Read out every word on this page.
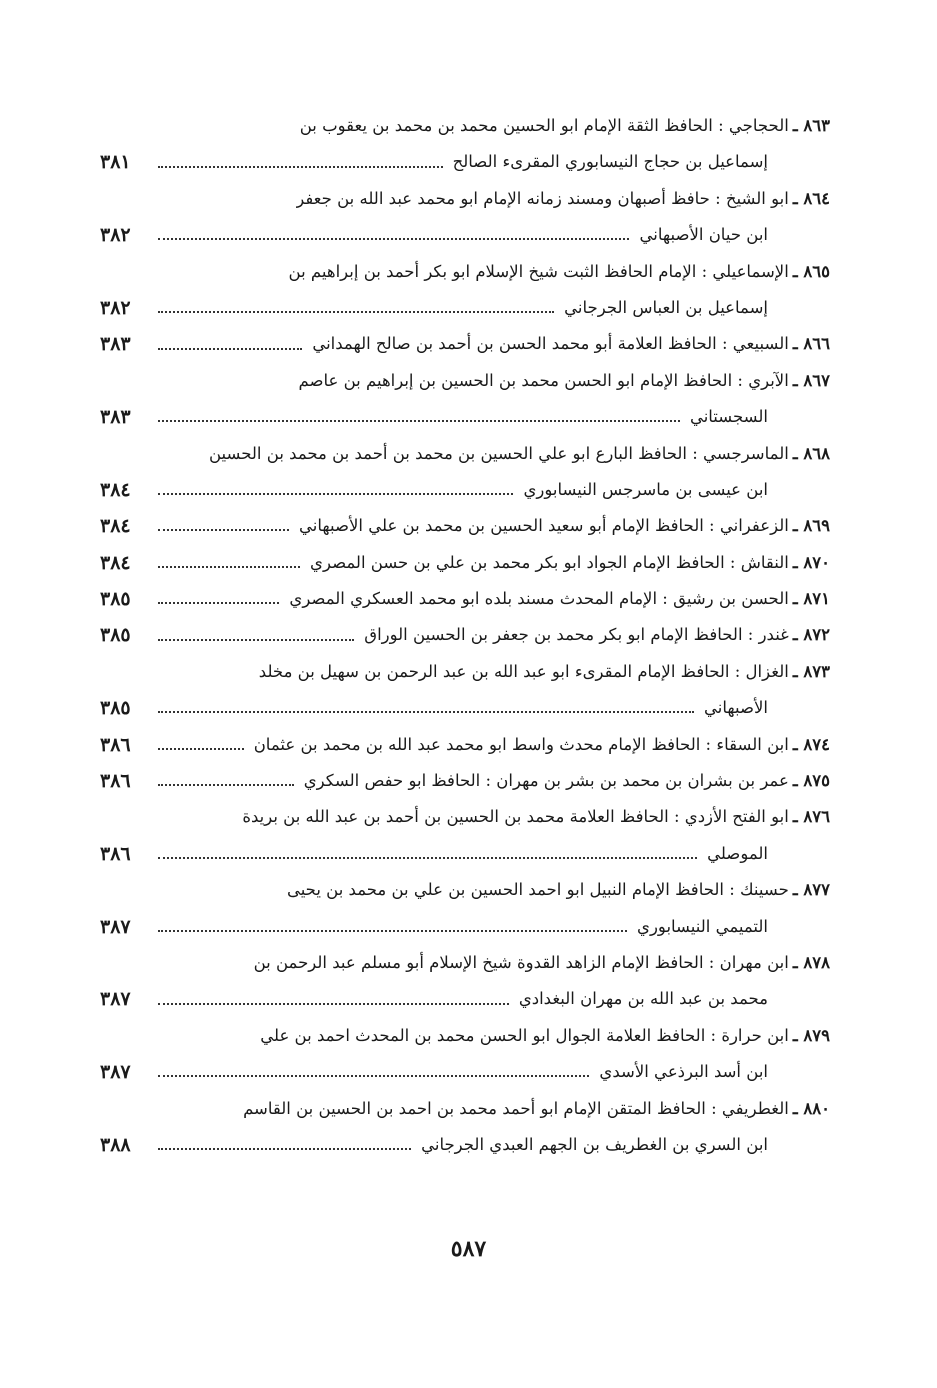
٨٦٣ ـ
الحجاجي : الحافظ الثقة الإمام ابو الحسين محمد بن محمد بن يعقوب بن
إسماعيل بن حجاج النيسابوري المقرىء الصالح
٣٨١
٨٦٤ ـ
ابو الشيخ : حافظ أصبهان ومسند زمانه الإمام ابو محمد عبد الله بن جعفر
ابن حيان الأصبهاني
٣٨٢
٨٦٥ ـ
الإسماعيلي : الإمام الحافظ الثبت شيخ الإسلام ابو بكر أحمد بن إبراهيم بن
إسماعيل بن العباس الجرجاني
٣٨٢
٨٦٦ ـ
السبيعي : الحافظ العلامة أبو محمد الحسن بن أحمد بن صالح الهمداني
٣٨٣
٨٦٧ ـ
الآبري : الحافظ الإمام ابو الحسن محمد بن الحسين بن إبراهيم بن عاصم
السجستاني
٣٨٣
٨٦٨ ـ
الماسرجسي : الحافظ البارع ابو علي الحسين بن محمد بن أحمد بن محمد بن الحسين
ابن عيسى بن ماسرجس النيسابوري
٣٨٤
٨٦٩ ـ
الزعفراني : الحافظ الإمام أبو سعيد الحسين بن محمد بن علي الأصبهاني
٣٨٤
٨٧٠ ـ
النقاش : الحافظ الإمام الجواد ابو بكر محمد بن علي بن حسن المصري
٣٨٤
٨٧١ ـ
الحسن بن رشيق : الإمام المحدث مسند بلده ابو محمد العسكري المصري
٣٨٥
٨٧٢ ـ
غندر : الحافظ الإمام ابو بكر محمد بن جعفر بن الحسين الوراق
٣٨٥
٨٧٣ ـ
الغزال : الحافظ الإمام المقرىء ابو عبد الله بن عبد الرحمن بن سهيل بن مخلد
الأصبهاني
٣٨٥
٨٧٤ ـ
ابن السقاء : الحافظ الإمام محدث واسط ابو محمد عبد الله بن محمد بن عثمان
٣٨٦
٨٧٥ ـ
عمر بن بشران بن محمد بن بشر بن مهران : الحافظ ابو حفص السكري
٣٨٦
٨٧٦ ـ
ابو الفتح الأزدي : الحافظ العلامة محمد بن الحسين بن أحمد بن عبد الله بن بريدة
الموصلي
٣٨٦
٨٧٧ ـ
حسينك : الحافظ الإمام النبيل ابو احمد الحسين بن علي بن محمد بن يحيى
التميمي النيسابوري
٣٨٧
٨٧٨ ـ
ابن مهران : الحافظ الإمام الزاهد القدوة شيخ الإسلام أبو مسلم عبد الرحمن بن
محمد بن عبد الله بن مهران البغدادي
٣٨٧
٨٧٩ ـ
ابن حرارة : الحافظ العلامة الجوال ابو الحسن محمد بن المحدث احمد بن علي
ابن أسد البرذعي الأسدي
٣٨٧
٨٨٠ ـ
الغطريفي : الحافظ المتقن الإمام ابو أحمد محمد بن احمد بن الحسين بن القاسم
ابن السري بن الغطريف بن الجهم العبدي الجرجاني
٣٨٨
٥٨٧
